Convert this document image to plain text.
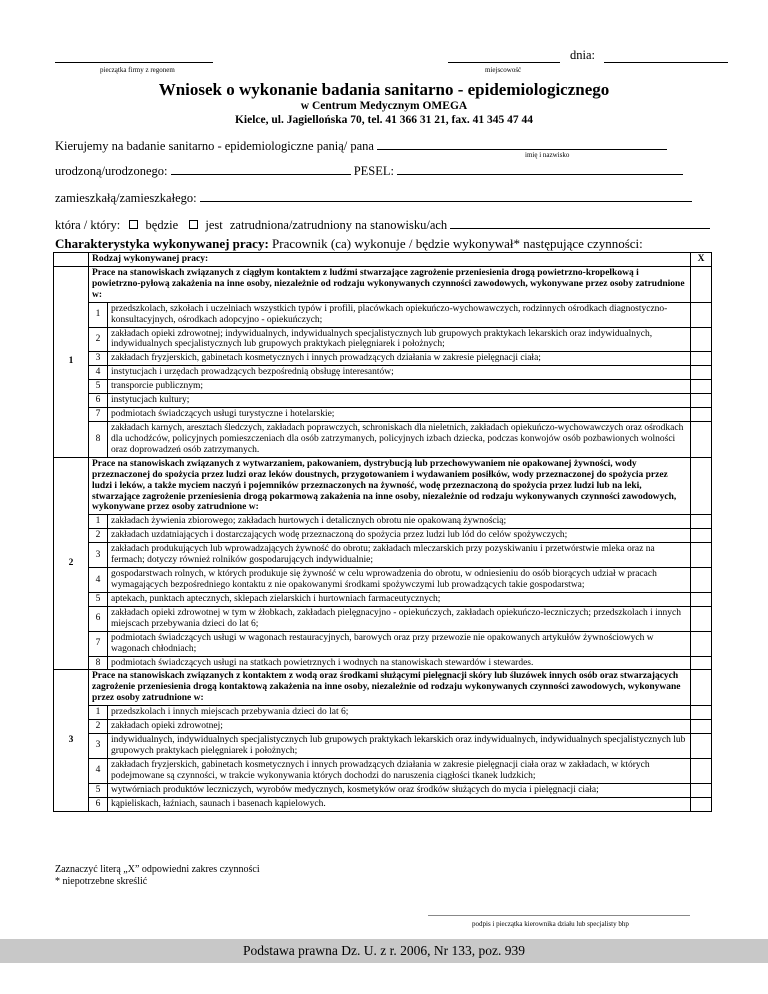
pieczątka firmy z regonem	miejscowość
dnia:
Wniosek o wykonanie badania sanitarno - epidemiologicznego
w Centrum Medycznym OMEGA
Kielce, ul. Jagiellońska 70, tel. 41 366 31 21, fax. 41 345 47 44
Kierujemy na badanie sanitarno - epidemiologiczne panią/ pana
imię i nazwisko
urodzoną/urodzonego:	PESEL:
zamieszkałą/zamieszkałego:
która / który: będzie jest zatrudniona/zatrudniony na stanowisku/ach
Charakterystyka wykonywanej pracy: Pracownik (ca) wykonuje / będzie wykonywał* następujące czynności:
	Rodzaj wykonywanej pracy:		X
1	Prace na stanowiskach związanych z ciągłym kontaktem z ludźmi stwarzające zagrożenie przeniesienia drogą powietrzno-kropelkową i powietrzno-pyłową zakażenia na inne osoby, niezależnie od rodzaju wykonywanych czynności zawodowych, wykonywane przez osoby zatrudnione w:		
	1	przedszkolach, szkołach i uczelniach wszystkich typów i profili, placówkach opiekuńczo-wychowawczych, rodzinnych ośrodkach diagnostyczno-konsultacyjnych, ośrodkach adopcyjno - opiekuńczych;	
	2	zakładach opieki zdrowotnej; indywidualnych, indywidualnych specjalistycznych lub grupowych praktykach lekarskich oraz indywidualnych, indywidualnych specjalistycznych lub grupowych praktykach pielęgniarek i położnych;	
	3	zakładach fryzjerskich, gabinetach kosmetycznych i innych prowadzących działania w zakresie pielęgnacji ciała;	
	4	instytucjach i urzędach prowadzących bezpośrednią obsługę interesantów;	
	5	transporcie publicznym;	
	6	instytucjach kultury;	
	7	podmiotach świadczących usługi turystyczne i hotelarskie;	
	8	zakładach karnych, aresztach śledczych, zakładach poprawczych, schroniskach dla nieletnich, zakładach opiekuńczo-wychowawczych oraz ośrodkach dla uchodźców, policyjnych pomieszczeniach dla osób zatrzymanych, policyjnych izbach dziecka, podczas konwojów osób pozbawionych wolności oraz doprowadzeń osób zatrzymanych.	
2	Prace na stanowiskach związanych z wytwarzaniem, pakowaniem, dystrybucją lub przechowywaniem nie opakowanej żywności, wody przeznaczonej do spożycia przez ludzi oraz leków doustnych, przygotowaniem i wydawaniem posiłków, wody przeznaczonej do spożycia przez ludzi i leków, a także myciem naczyń i pojemników przeznaczonych na żywność, wodę przeznaczoną do spożycia przez ludzi lub na leki, stwarzające zagrożenie przeniesienia drogą pokarmową zakażenia na inne osoby, niezależnie od rodzaju wykonywanych czynności zawodowych, wykonywane przez osoby zatrudnione w:		
	1	zakładach żywienia zbiorowego; zakładach hurtowych i detalicznych obrotu nie opakowaną żywnością;	
	2	zakładach uzdatniających i dostarczających wodę przeznaczoną do spożycia przez ludzi lub lód do celów spożywczych;	
	3	zakładach produkujących lub wprowadzających żywność do obrotu; zakładach mleczarskich przy pozyskiwaniu i przetwórstwie mleka oraz na fermach; dotyczy również rolników gospodarujących indywidualnie;	
	4	gospodarstwach rolnych, w których produkuje się żywność w celu wprowadzenia do obrotu, w odniesieniu do osób biorących udział w pracach wymagających bezpośredniego kontaktu z nie opakowanymi środkami spożywczymi lub prowadzących takie gospodarstwa;	
	5	aptekach, punktach aptecznych, sklepach zielarskich i hurtowniach farmaceutycznych;	
	6	zakładach opieki zdrowotnej w tym w żłobkach, zakładach pielęgnacyjno - opiekuńczych, zakładach opiekuńczo-leczniczych; przedszkolach i innych miejscach przebywania dzieci do lat 6;	
	7	podmiotach świadczących usługi w wagonach restauracyjnych, barowych oraz przy przewozie nie opakowanych artykułów żywnościowych w wagonach chłodniach;	
	8	podmiotach świadczących usługi na statkach powietrznych i wodnych na stanowiskach stewardów i stewardes.	
3	Prace na stanowiskach związanych z kontaktem z wodą oraz środkami służącymi pielęgnacji skóry lub śluzówek innych osób oraz stwarzających zagrożenie przeniesienia drogą kontaktową zakażenia na inne osoby, niezależnie od rodzaju wykonywanych czynności zawodowych, wykonywane przez osoby zatrudnione w:		
	1	przedszkolach i innych miejscach przebywania dzieci do lat 6;	
	2	zakładach opieki zdrowotnej;	
	3	indywidualnych, indywidualnych specjalistycznych lub grupowych praktykach lekarskich oraz indywidualnych, indywidualnych specjalistycznych lub grupowych praktykach pielęgniarek i położnych;	
	4	zakładach fryzjerskich, gabinetach kosmetycznych i innych prowadzących działania w zakresie pielęgnacji ciała oraz w zakładach, w których podejmowane są czynności, w trakcie wykonywania których dochodzi do naruszenia ciągłości tkanek ludzkich;	
	5	wytwórniach produktów leczniczych, wyrobów medycznych, kosmetyków oraz środków służących do mycia i pielęgnacji ciała;	
	6	kąpieliskach, łaźniach, saunach i basenach kąpielowych.	
Zaznaczyć literą „X” odpowiedni zakres czynności
* niepotrzebne skreślić
podpis i pieczątka kierownika działu lub specjalisty bhp
Podstawa prawna Dz. U. z r. 2006, Nr 133, poz. 939
